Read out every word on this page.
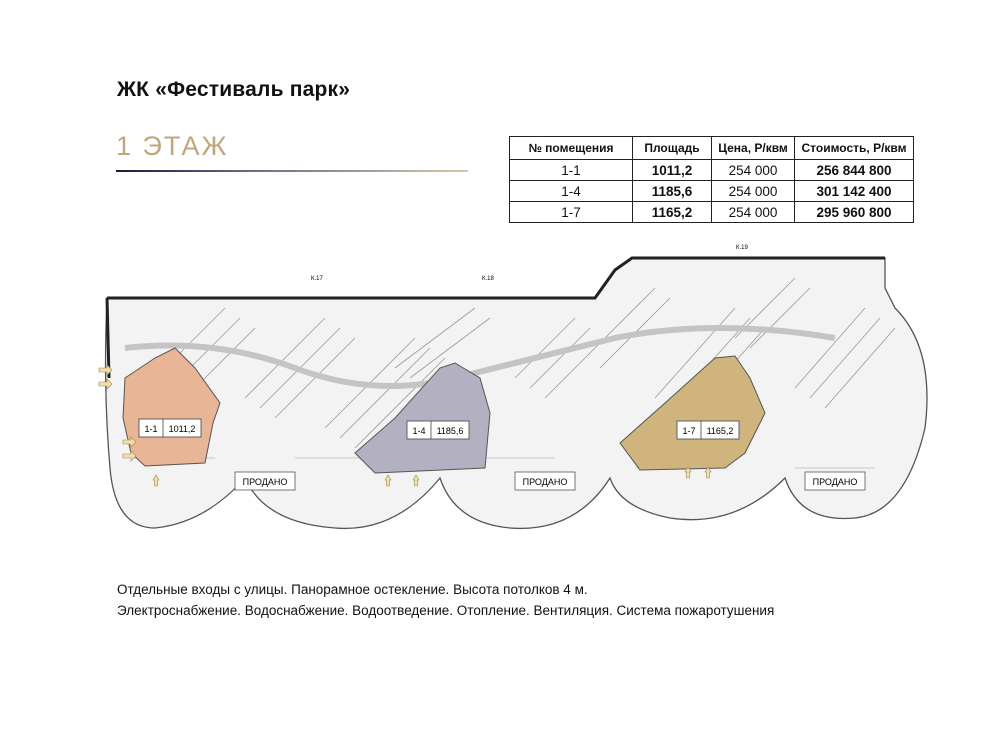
ЖК «Фестиваль парк»
1 ЭТАЖ	№ помещения	Площадь	Цена, Р/квм	Стоимость, Р/квм
1-1	1011,2	254 000	256 844 800
1-4	1185,6	254 000	301 142 400
1-7	1165,2	254 000	295 960 800
1-1 1011,2	1-4 1185,6	1-7 1165,2
ПРОДАНО	ПРОДАНО	ПРОДАНО
К.17	К.18
К.19
Отдельные входы с улицы. Панорамное остекление. Высота потолков 4 м.
Электроснабжение. Водоснабжение. Водоотведение. Отопление. Вентиляция. Система пожаротушения
